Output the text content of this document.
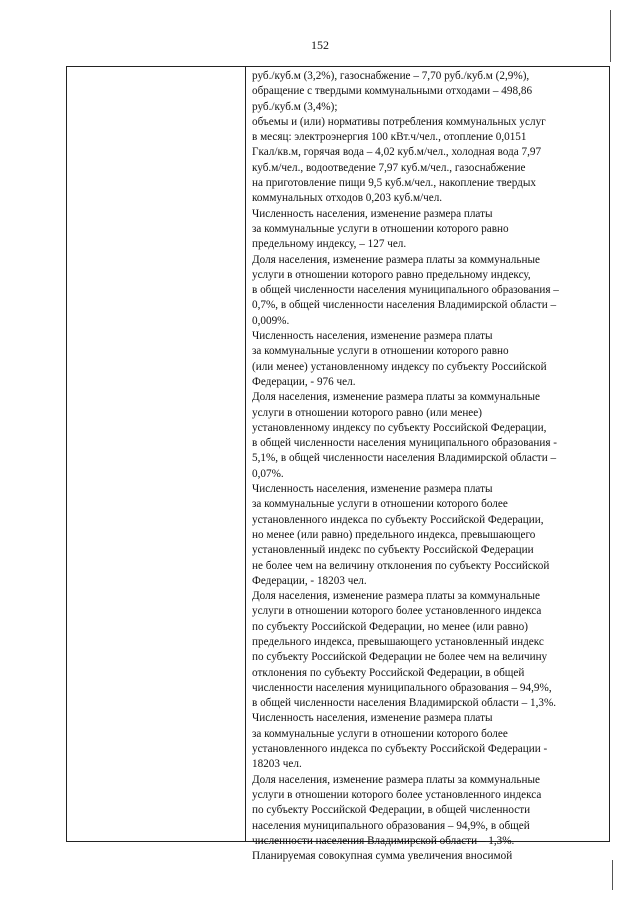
152
руб./куб.м (3,2%), газоснабжение – 7,70 руб./куб.м (2,9%),
обращение с твердыми коммунальными отходами – 498,86
руб./куб.м (3,4%);
объемы и (или) нормативы потребления коммунальных услуг
в месяц: электроэнергия 100 кВт.ч/чел., отопление 0,0151
Гкал/кв.м, горячая вода – 4,02 куб.м/чел., холодная вода 7,97
куб.м/чел., водоотведение 7,97 куб.м/чел., газоснабжение
на приготовление пищи 9,5 куб.м/чел., накопление твердых
коммунальных отходов 0,203 куб.м/чел.
Численность населения, изменение размера платы
за коммунальные услуги в отношении которого равно
предельному индексу, – 127 чел.
Доля населения, изменение размера платы за коммунальные
услуги в отношении которого равно предельному индексу,
в общей численности населения муниципального образования –
0,7%, в общей численности населения Владимирской области –
0,009%.
Численность населения, изменение размера платы
за коммунальные услуги в отношении которого равно
(или менее) установленному индексу по субъекту Российской
Федерации, - 976 чел.
Доля населения, изменение размера платы за коммунальные
услуги в отношении которого равно (или менее)
установленному индексу по субъекту Российской Федерации,
в общей численности населения муниципального образования -
5,1%, в общей численности населения Владимирской области –
0,07%.
Численность населения, изменение размера платы
за коммунальные услуги в отношении которого более
установленного индекса по субъекту Российской Федерации,
но менее (или равно) предельного индекса, превышающего
установленный индекс по субъекту Российской Федерации
не более чем на величину отклонения по субъекту Российской
Федерации, - 18203 чел.
Доля населения, изменение размера платы за коммунальные
услуги в отношении которого более установленного индекса
по субъекту Российской Федерации, но менее (или равно)
предельного индекса, превышающего установленный индекс
по субъекту Российской Федерации не более чем на величину
отклонения по субъекту Российской Федерации, в общей
численности населения муниципального образования – 94,9%,
в общей численности населения Владимирской области – 1,3%.
Численность населения, изменение размера платы
за коммунальные услуги в отношении которого более
установленного индекса по субъекту Российской Федерации -
18203 чел.
Доля населения, изменение размера платы за коммунальные
услуги в отношении которого более установленного индекса
по субъекту Российской Федерации, в общей численности
населения муниципального образования – 94,9%, в общей
численности населения Владимирской области – 1,3%.
Планируемая совокупная сумма увеличения вносимой
